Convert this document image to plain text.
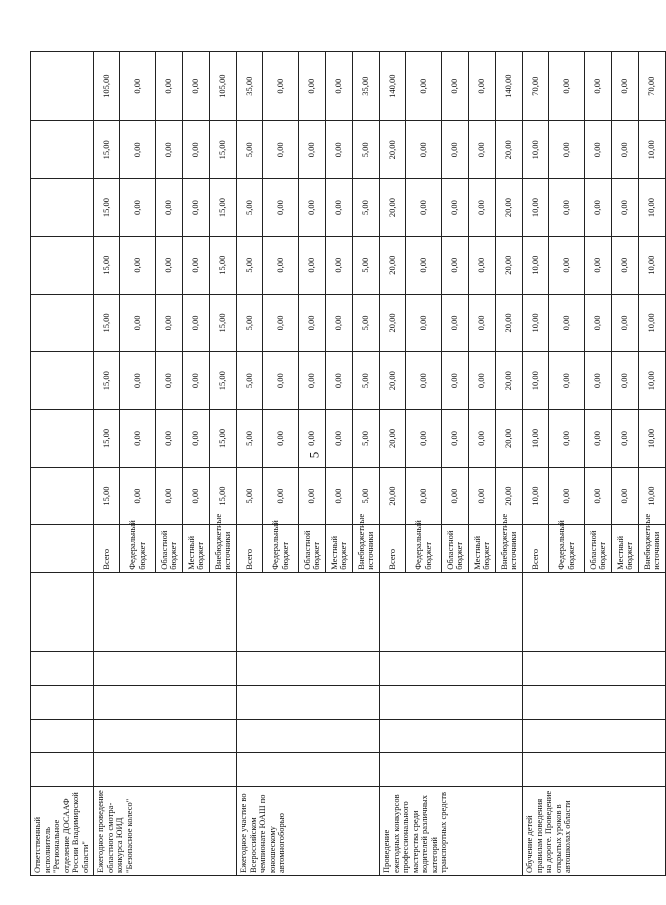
5
Ответственный исполнитель "Региональное отделение ДОСААФ России Владимирской области"														
Ежегодное проведение областного смотра-конкурса ЮИД "Безопасное колесо"						Всего	15,00	15,00	15,00	15,00	15,00	15,00	15,00	105,00
						Федеральный бюджет	0,00	0,00	0,00	0,00	0,00	0,00	0,00	0,00
						Областной бюджет	0,00	0,00	0,00	0,00	0,00	0,00	0,00	0,00
						Местный бюджет	0,00	0,00	0,00	0,00	0,00	0,00	0,00	0,00
						Внебюджетные источники	15,00	15,00	15,00	15,00	15,00	15,00	15,00	105,00
Ежегодное участие во Всероссийском чемпионате ЮАШ по юношескому автомногоборью						Всего	5,00	5,00	5,00	5,00	5,00	5,00	5,00	35,00
						Федеральный бюджет	0,00	0,00	0,00	0,00	0,00	0,00	0,00	0,00
						Областной бюджет	0,00	0,00	0,00	0,00	0,00	0,00	0,00	0,00
						Местный бюджет	0,00	0,00	0,00	0,00	0,00	0,00	0,00	0,00
						Внебюджетные источники	5,00	5,00	5,00	5,00	5,00	5,00	5,00	35,00
Проведение ежегодных конкурсов профессионального мастерства среди водителей различных категорий транспортных средств						Всего	20,00	20,00	20,00	20,00	20,00	20,00	20,00	140,00
						Федеральный бюджет	0,00	0,00	0,00	0,00	0,00	0,00	0,00	0,00
						Областной бюджет	0,00	0,00	0,00	0,00	0,00	0,00	0,00	0,00
						Местный бюджет	0,00	0,00	0,00	0,00	0,00	0,00	0,00	0,00
						Внебюджетные источники	20,00	20,00	20,00	20,00	20,00	20,00	20,00	140,00
Обучение детей правилам поведения на дороге. Проведение открытых уроков в автошколах области						Всего	10,00	10,00	10,00	10,00	10,00	10,00	10,00	70,00
						Федеральный бюджет	0,00	0,00	0,00	0,00	0,00	0,00	0,00	0,00
						Областной бюджет	0,00	0,00	0,00	0,00	0,00	0,00	0,00	0,00
						Местный бюджет	0,00	0,00	0,00	0,00	0,00	0,00	0,00	0,00
						Внебюджетные источники	10,00	10,00	10,00	10,00	10,00	10,00	10,00	70,00
